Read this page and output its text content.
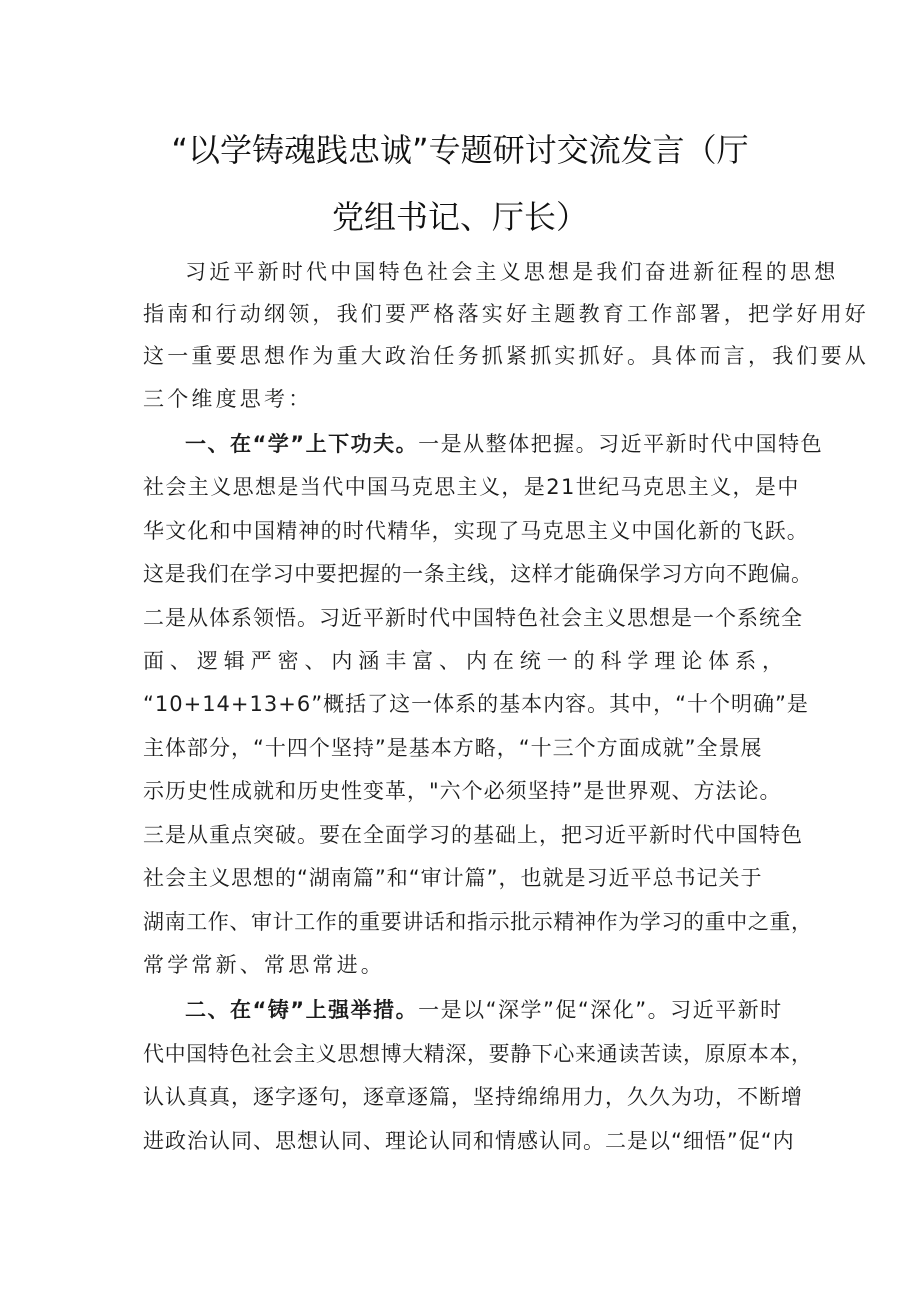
“以学铸魂践忠诚”专题研讨交流发言（厅
党组书记、厅长）
习近平新时代中国特色社会主义思想是我们奋进新征程的思想
指南和行动纲领，我们要严格落实好主题教育工作部署，把学好用好
这一重要思想作为重大政治任务抓紧抓实抓好。具体而言，我们要从
三个维度思考：
一、在“学”上下功夫。一是从整体把握。习近平新时代中国特色
社会主义思想是当代中国马克思主义，是21世纪马克思主义，是中
华文化和中国精神的时代精华，实现了马克思主义中国化新的飞跃。
这是我们在学习中要把握的一条主线，这样才能确保学习方向不跑偏。
二是从体系领悟。习近平新时代中国特色社会主义思想是一个系统全
面、逻辑严密、内涵丰富、内在统一的科学理论体系，
“10+14+13+6”概括了这一体系的基本内容。其中，“十个明确”是
主体部分，“十四个坚持”是基本方略，“十三个方面成就”全景展
示历史性成就和历史性变革，"六个必须坚持”是世界观、方法论。
三是从重点突破。要在全面学习的基础上，把习近平新时代中国特色
社会主义思想的“湖南篇”和“审计篇”，也就是习近平总书记关于
湖南工作、审计工作的重要讲话和指示批示精神作为学习的重中之重，
常学常新、常思常进。
二、在“铸”上强举措。一是以“深学”促“深化”。习近平新时
代中国特色社会主义思想博大精深，要静下心来通读苦读，原原本本，
认认真真，逐字逐句，逐章逐篇，坚持绵绵用力，久久为功，不断增
进政治认同、思想认同、理论认同和情感认同。二是以“细悟”促“内
